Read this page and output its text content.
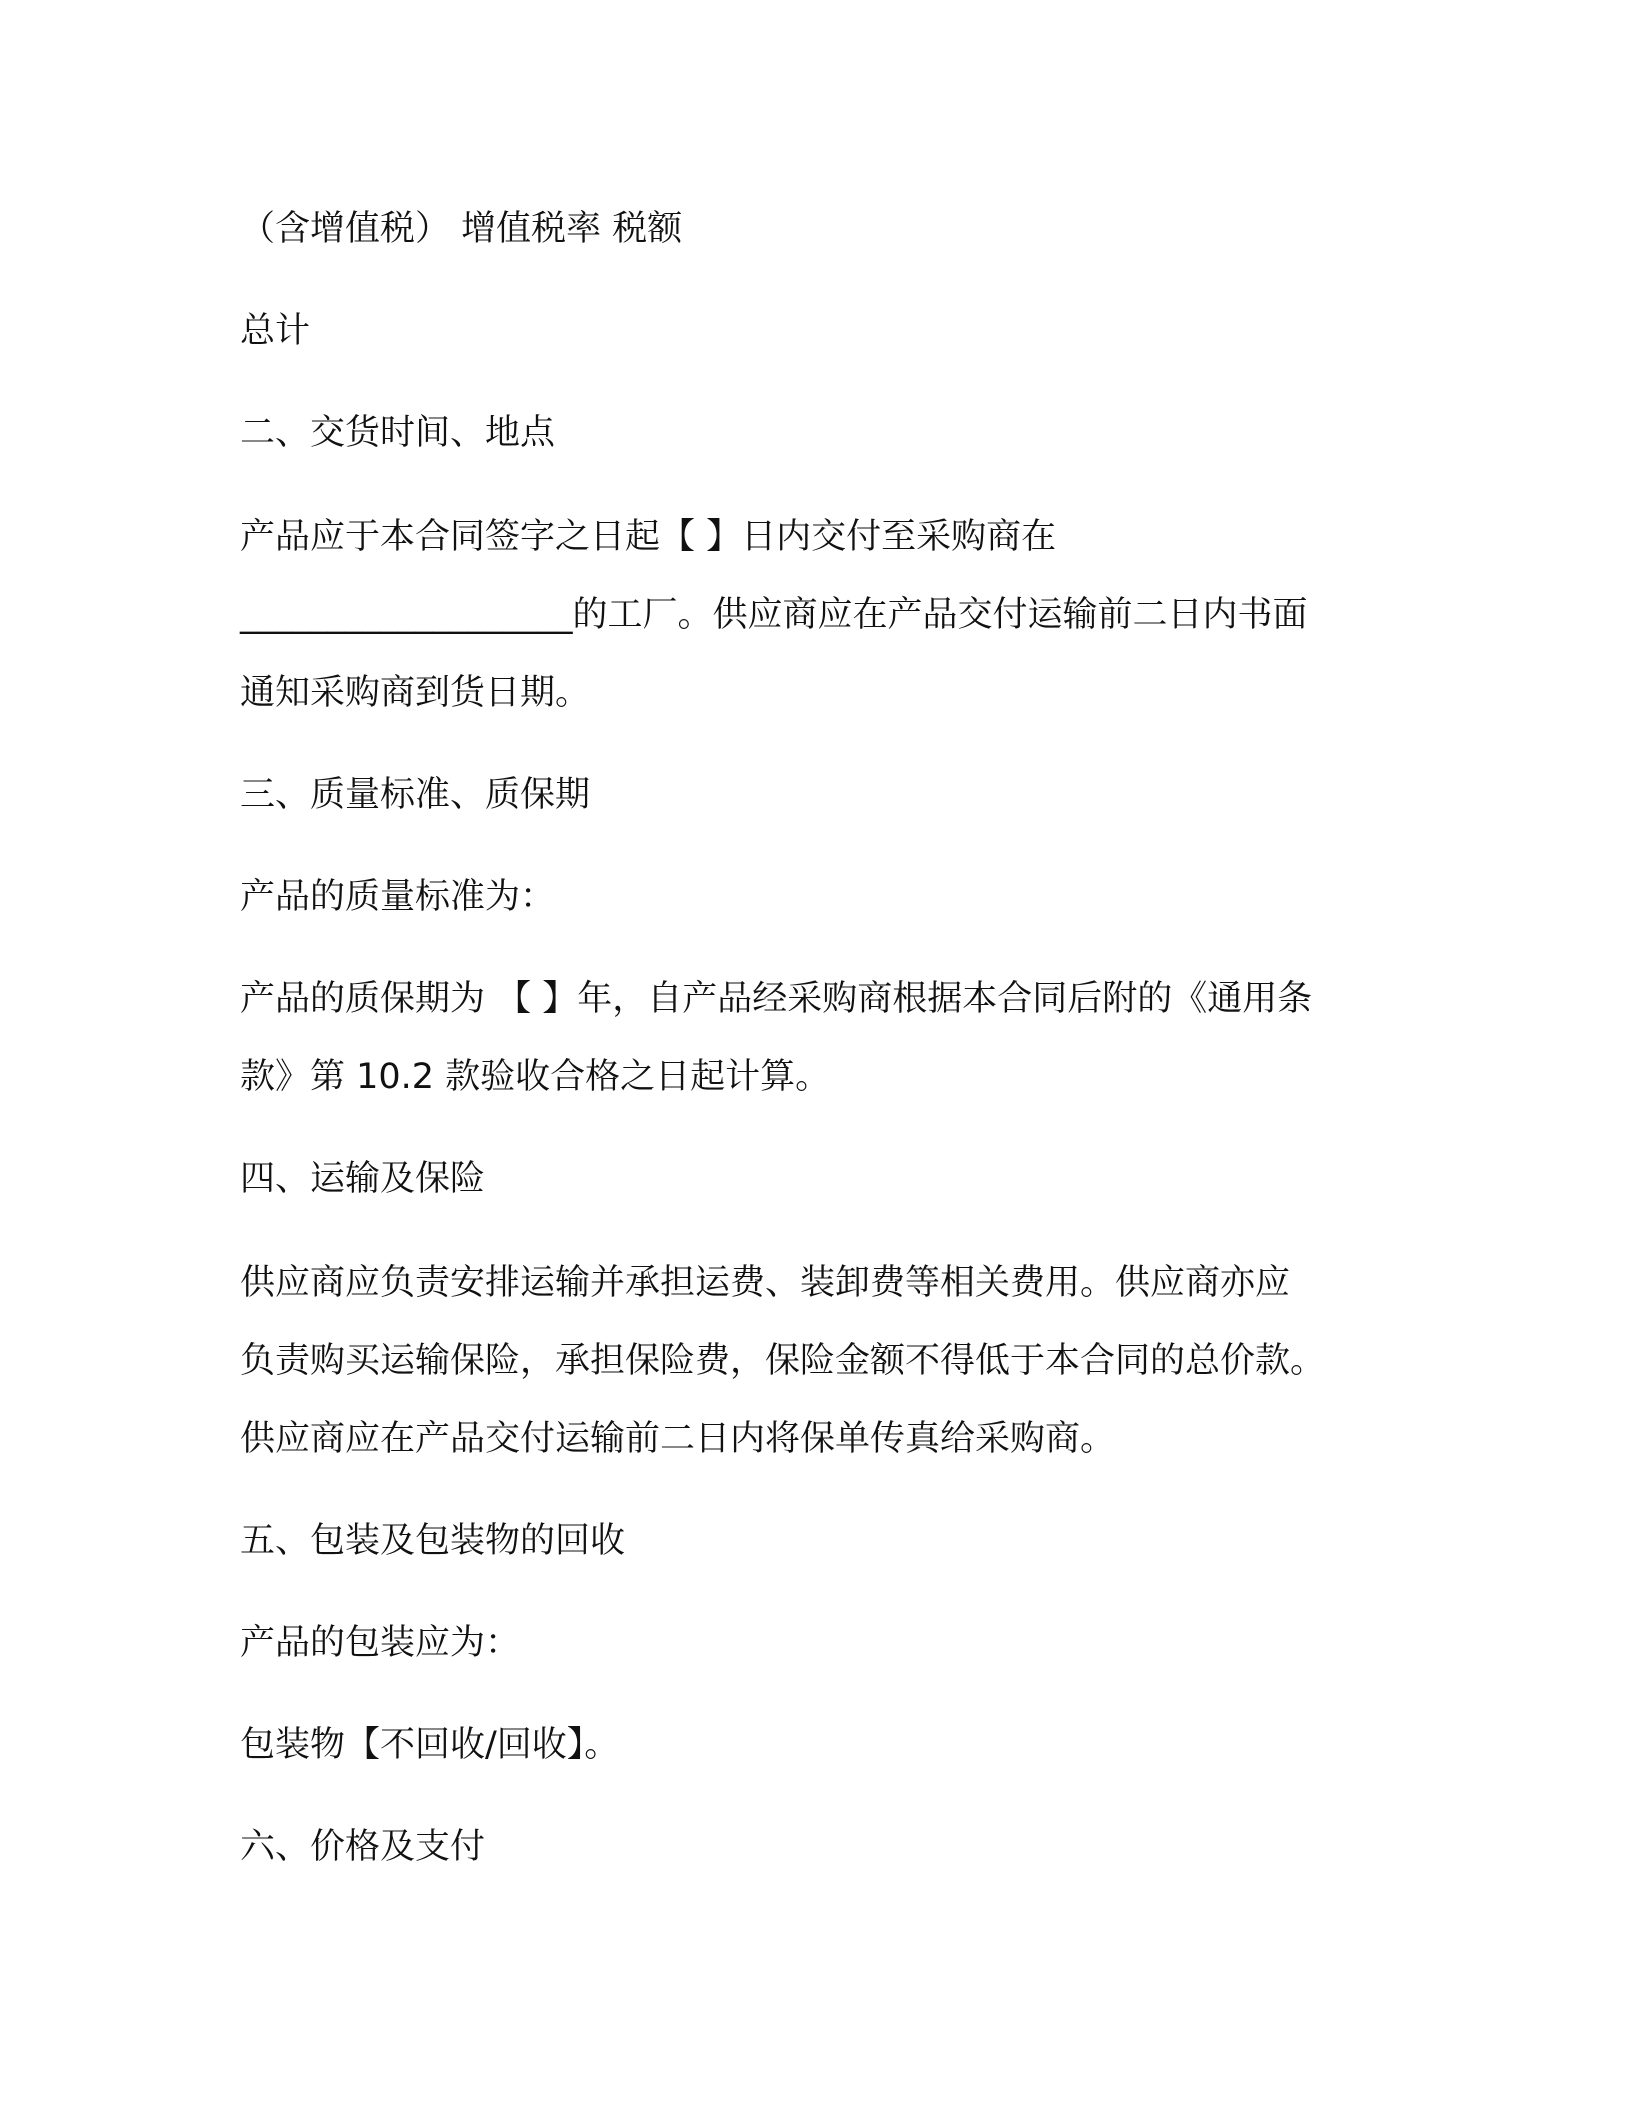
（含增值税） 增值税率 税额

总计

二、交货时间、地点

产品应于本合同签字之日起【 】日内交付至采购商在
___________________的工厂。供应商应在产品交付运输前二日内书面
通知采购商到货日期。

三、质量标准、质保期

产品的质量标准为：

产品的质保期为 【 】年，自产品经采购商根据本合同后附的《通用条
款》第 10.2 款验收合格之日起计算。

四、运输及保险

供应商应负责安排运输并承担运费、装卸费等相关费用。供应商亦应
负责购买运输保险，承担保险费，保险金额不得低于本合同的总价款。
供应商应在产品交付运输前二日内将保单传真给采购商。

五、包装及包装物的回收

产品的包装应为：

包装物【不回收/回收】。

六、价格及支付
